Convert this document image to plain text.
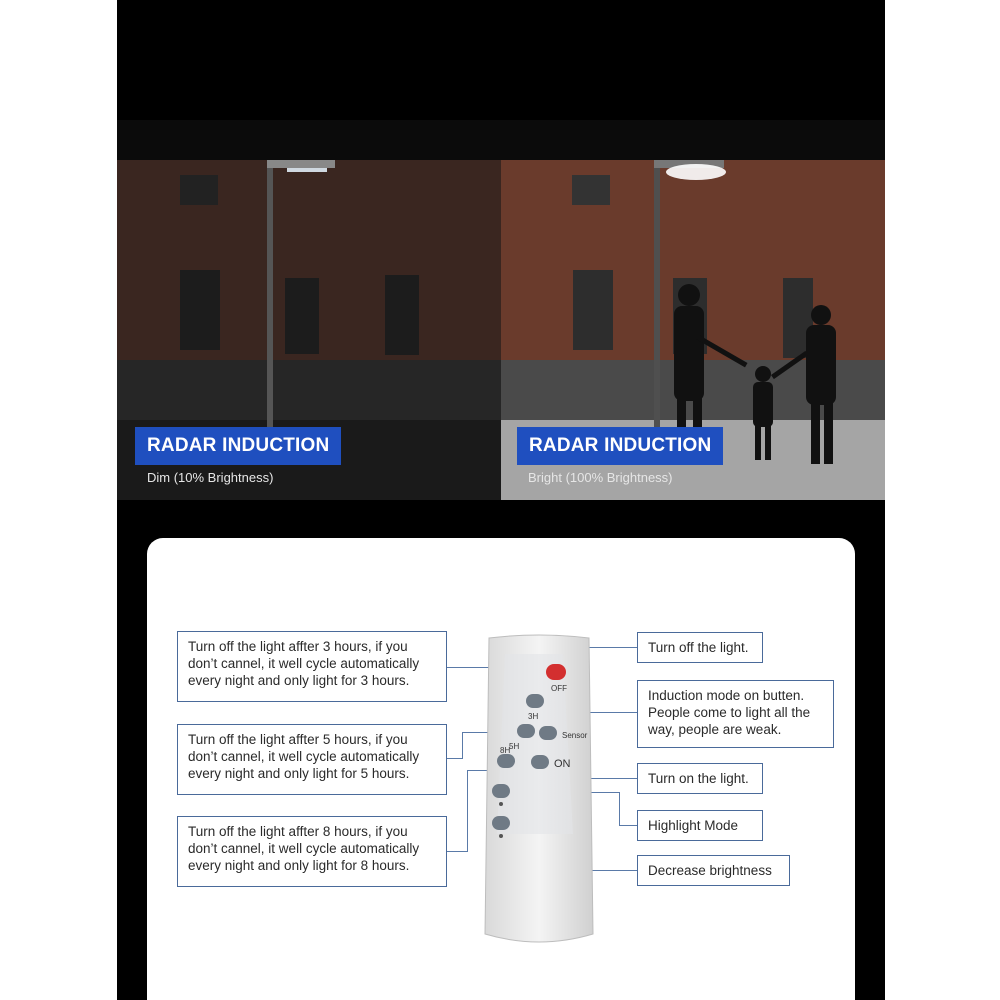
RADAR INDUCTION
Dim (10% Brightness)
RADAR INDUCTION
Bright (100% Brightness)
Turn off the light affter 3 hours, if you don’t cannel, it well cycle automatically every night and only light for 3 hours.
Turn off the light affter 5 hours, if you don’t cannel, it well cycle automatically every night and only light for 5 hours.
Turn off the light affter 8 hours, if you don’t cannel, it well cycle automatically every night and only light for 8 hours.
Turn off the light.
Induction mode on butten. People come to light all the way, people are weak.
Turn on the light.
Highlight Mode
Decrease brightness
OFF
3H
5H
Sensor
8H
ON
